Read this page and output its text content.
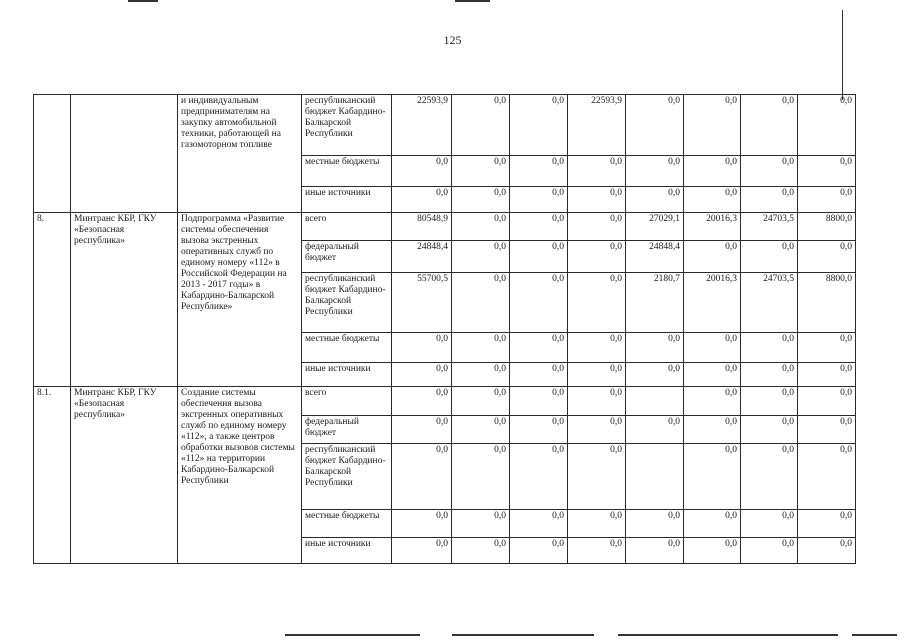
125
		и индивидуальным предпринимателям на закупку автомобильной техники, работающей на газомоторном топливе	республиканский бюджет Кабардино-Балкарской Республики	22593,9	0,0	0,0	22593,9	0,0	0,0	0,0	0,0
			местные бюджеты	0,0	0,0	0,0	0,0	0,0	0,0	0,0	0,0
			иные источники	0,0	0,0	0,0	0,0	0,0	0,0	0,0	0,0
8.	Минтранс КБР, ГКУ «Безопасная республика»	Подпрограмма «Развитие системы обеспечения вызова экстренных оперативных служб по единому номеру «112» в Российской Федерации на 2013 - 2017 годы» в Кабардино-Балкарской Республике»	всего	80548,9	0,0	0,0	0,0	27029,1	20016,3	24703,5	8800,0
			федеральный бюджет	24848,4	0,0	0,0	0,0	24848,4	0,0	0,0	0,0
			республиканский бюджет Кабардино-Балкарской Республики	55700,5	0,0	0,0	0,0	2180,7	20016,3	24703,5	8800,0
			местные бюджеты	0,0	0,0	0,0	0,0	0,0	0,0	0,0	0,0
			иные источники	0,0	0,0	0,0	0,0	0,0	0,0	0,0	0,0
8.1.	Минтранс КБР, ГКУ «Безопасная республика»	Создание системы обеспечения вызова экстренных оперативных служб по единому номеру «112», а также центров обработки вызовов системы «112» на территории Кабардино-Балкарской Республики	всего	0,0	0,0	0,0	0,0		0,0	0,0	0,0
			федеральный бюджет	0,0	0,0	0,0	0,0	0,0	0,0	0,0	0,0
			республиканский бюджет Кабардино-Балкарской Республики	0,0	0,0	0,0	0,0		0,0	0,0	0,0
			местные бюджеты	0,0	0,0	0,0	0,0	0,0	0,0	0,0	0,0
			иные источники	0,0	0,0	0,0	0,0	0,0	0,0	0,0	0,0
